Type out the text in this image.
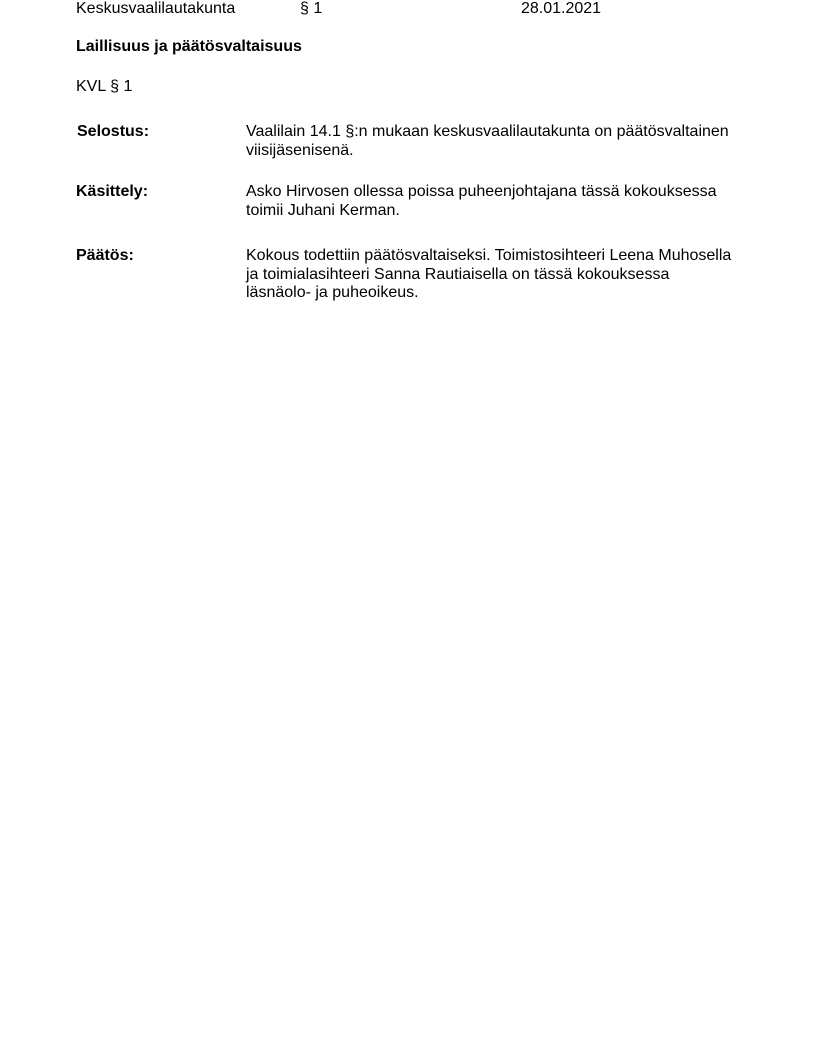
Keskusvaalilautakunta	§ 1	28.01.2021
Laillisuus ja päätösvaltaisuus
KVL § 1
Selostus:	Vaalilain 14.1 §:n mukaan keskusvaalilautakunta on päätösvaltainen
viisijäsenisenä.
Käsittely:	Asko Hirvosen ollessa poissa puheenjohtajana tässä kokouksessa
toimii Juhani Kerman.
Päätös:	Kokous todettiin päätösvaltaiseksi. Toimistosihteeri Leena Muhosella
ja toimialasihteeri Sanna Rautiaisella on tässä kokouksessa
läsnäolo- ja puheoikeus.
